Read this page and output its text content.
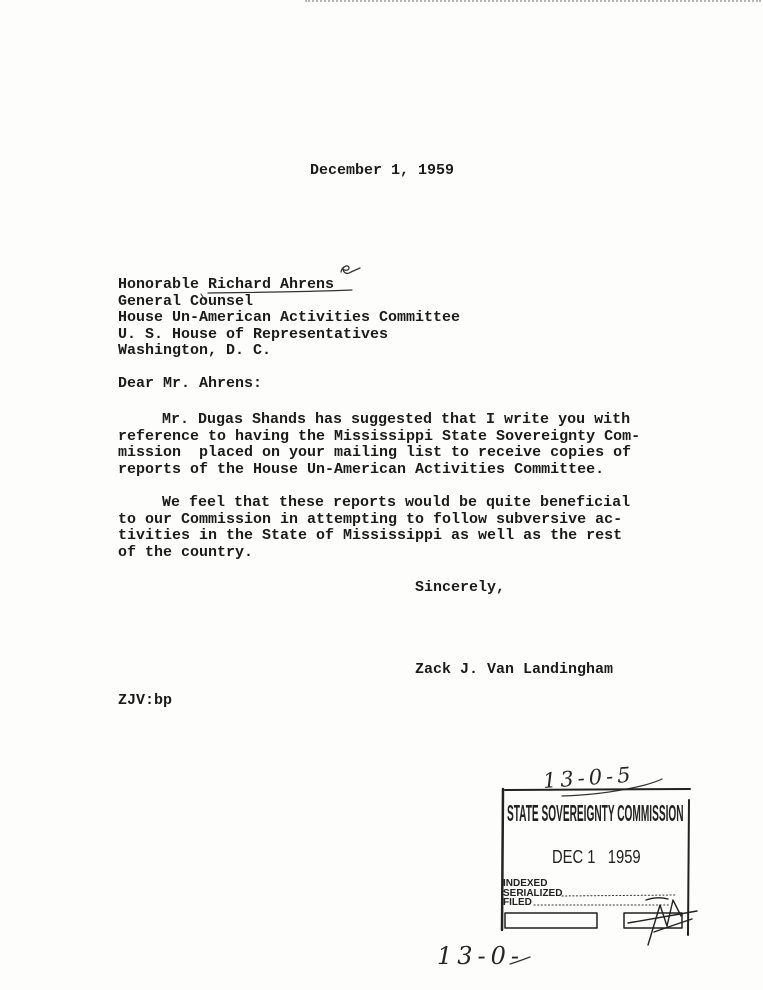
December 1, 1959
Honorable Richard Ahrens
General Counsel
House Un-American Activities Committee
U. S. House of Representatives
Washington, D. C.
Dear Mr. Ahrens:
Mr. Dugas Shands has suggested that I write you with
reference to having the Mississippi State Sovereignty Com-
mission  placed on your mailing list to receive copies of
reports of the House Un-American Activities Committee.
We feel that these reports would be quite beneficial
to our Commission in attempting to follow subversive ac-
tivities in the State of Mississippi as well as the rest
of the country.
Sincerely,
Zack J. Van Landingham
ZJV:bp
13-0-5
13-0-
STATE SOVEREIGNTY COMMISSION
DEC 1   1959
INDEXED
SERIALIZED
FILED
